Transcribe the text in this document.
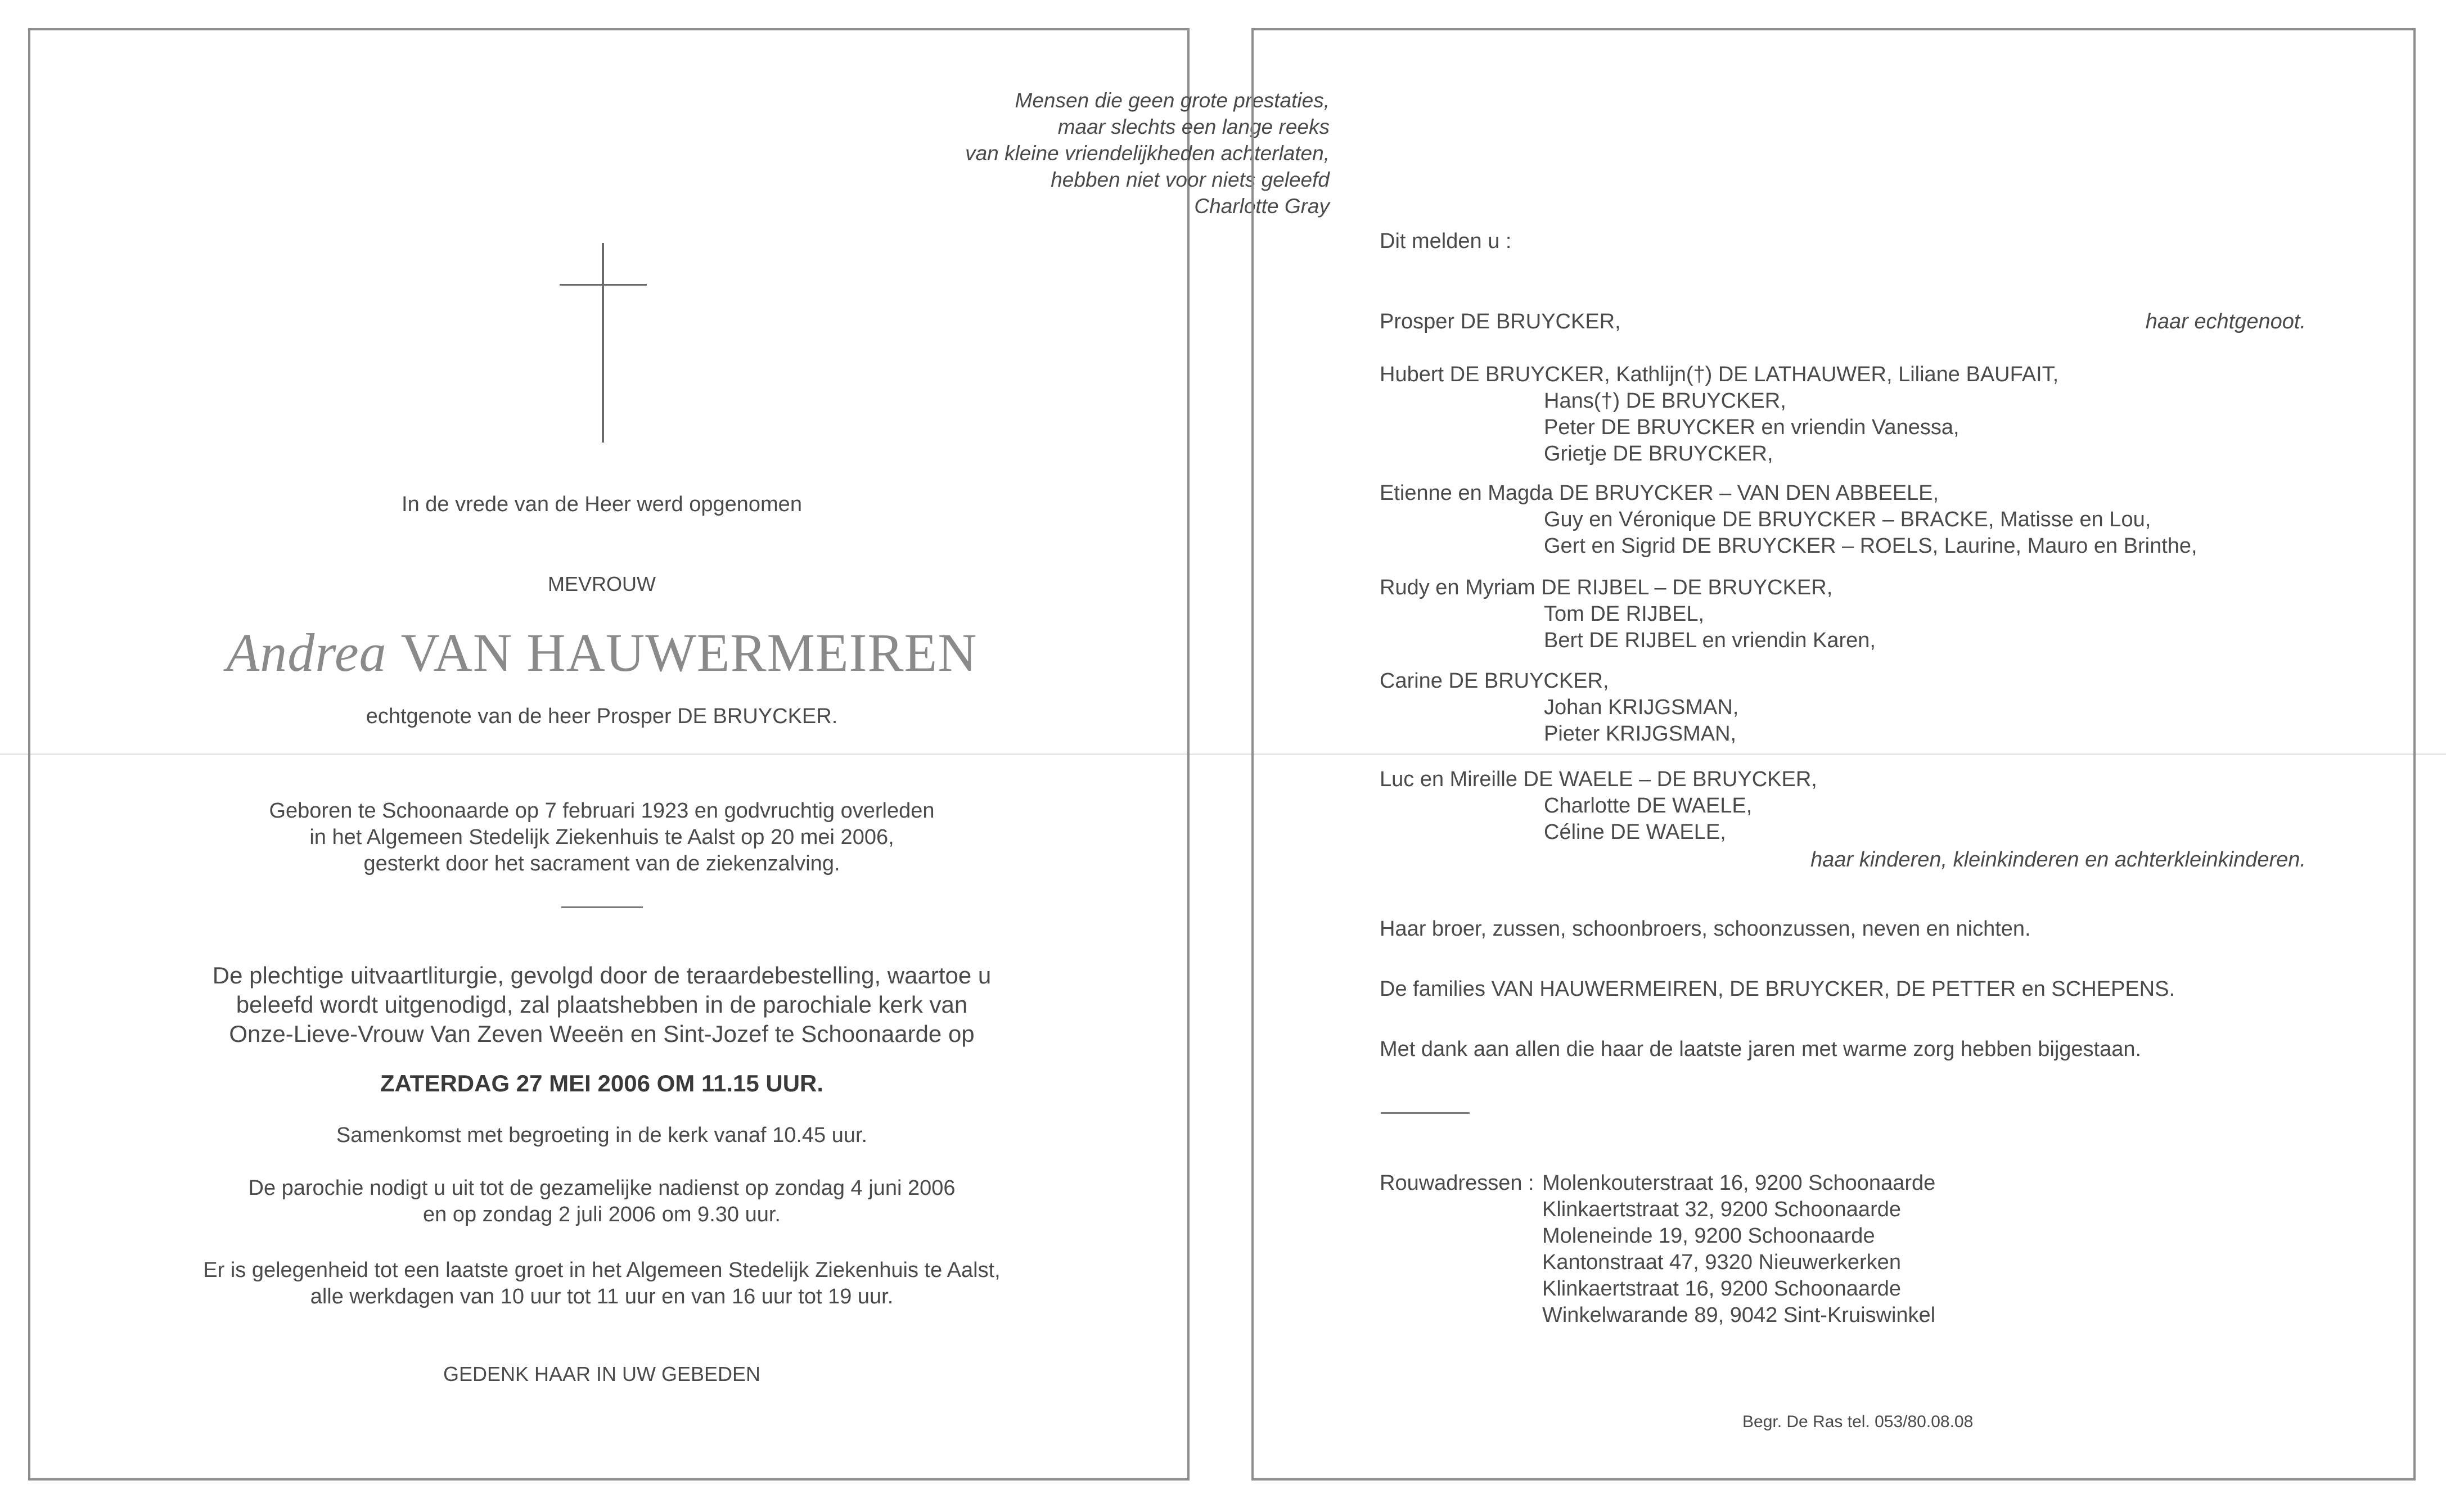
Mensen die geen grote prestaties,
maar slechts een lange reeks
van kleine vriendelijkheden achterlaten,
hebben niet voor niets geleefd
Charlotte Gray
In de vrede van de Heer werd opgenomen
MEVROUW
Andrea VAN HAUWERMEIREN
echtgenote van de heer Prosper DE BRUYCKER.
Geboren te Schoonaarde op 7 februari 1923 en godvruchtig overleden
in het Algemeen Stedelijk Ziekenhuis te Aalst op 20 mei 2006,
gesterkt door het sacrament van de ziekenzalving.
De plechtige uitvaartliturgie, gevolgd door de teraardebestelling, waartoe u
beleefd wordt uitgenodigd, zal plaatshebben in de parochiale kerk van
Onze-Lieve-Vrouw Van Zeven Weeën en Sint-Jozef te Schoonaarde op
ZATERDAG 27 MEI 2006 OM 11.15 UUR.
Samenkomst met begroeting in de kerk vanaf 10.45 uur.
De parochie nodigt u uit tot de gezamelijke nadienst op zondag 4 juni 2006
en op zondag 2 juli 2006 om 9.30 uur.
Er is gelegenheid tot een laatste groet in het Algemeen Stedelijk Ziekenhuis te Aalst,
alle werkdagen van 10 uur tot 11 uur en van 16 uur tot 19 uur.
GEDENK HAAR IN UW GEBEDEN
Dit melden u :
Prosper DE BRUYCKER,	haar echtgenoot.
Hubert DE BRUYCKER, Kathlijn(†) DE LATHAUWER, Liliane BAUFAIT,
Hans(†) DE BRUYCKER,
Peter DE BRUYCKER en vriendin Vanessa,
Grietje DE BRUYCKER,
Etienne en Magda DE BRUYCKER – VAN DEN ABBEELE,
Guy en Véronique DE BRUYCKER – BRACKE, Matisse en Lou,
Gert en Sigrid DE BRUYCKER – ROELS, Laurine, Mauro en Brinthe,
Rudy en Myriam DE RIJBEL – DE BRUYCKER,
Tom DE RIJBEL,
Bert DE RIJBEL en vriendin Karen,
Carine DE BRUYCKER,
Johan KRIJGSMAN,
Pieter KRIJGSMAN,
Luc en Mireille DE WAELE – DE BRUYCKER,
Charlotte DE WAELE,
Céline DE WAELE,
haar kinderen, kleinkinderen en achterkleinkinderen.
Haar broer, zussen, schoonbroers, schoonzussen, neven en nichten.
De families VAN HAUWERMEIREN, DE BRUYCKER, DE PETTER en SCHEPENS.
Met dank aan allen die haar de laatste jaren met warme zorg hebben bijgestaan.
Rouwadressen : Molenkouterstraat 16, 9200 Schoonaarde
Klinkaertstraat 32, 9200 Schoonaarde
Moleneinde 19, 9200 Schoonaarde
Kantonstraat 47, 9320 Nieuwerkerken
Klinkaertstraat 16, 9200 Schoonaarde
Winkelwarande 89, 9042 Sint-Kruiswinkel
Begr. De Ras tel. 053/80.08.08
